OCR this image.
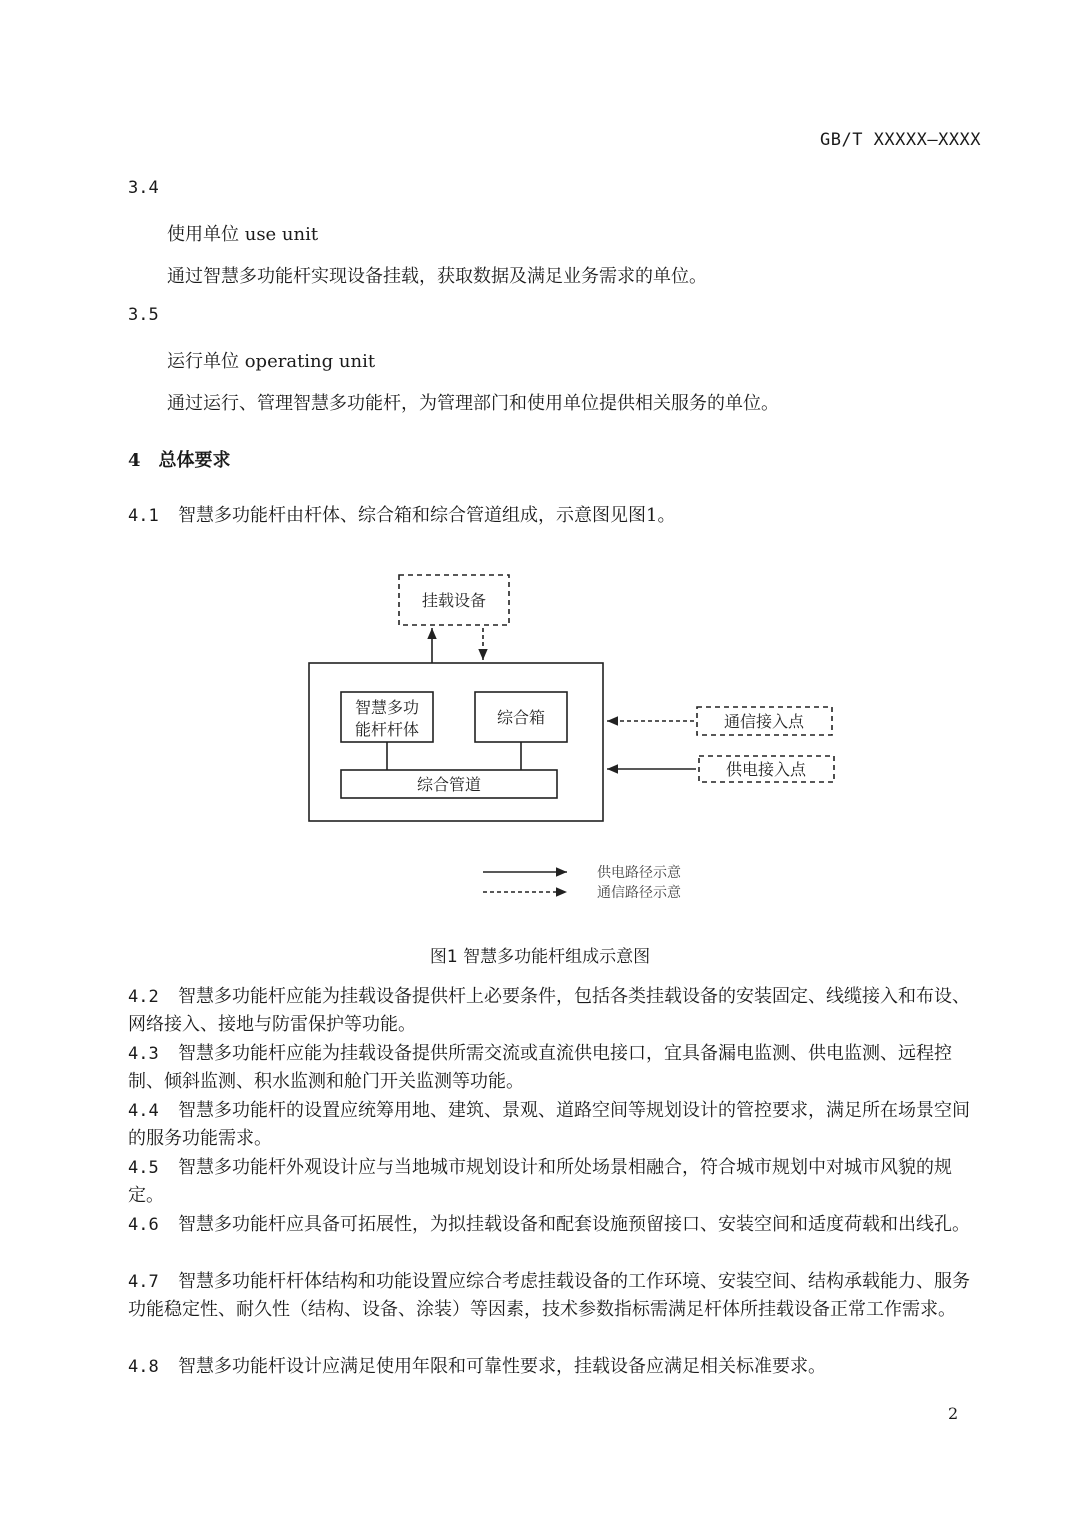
GB/T XXXXX—XXXX
3.4
使用单位 use unit
通过智慧多功能杆实现设备挂载，获取数据及满足业务需求的单位。
3.5
运行单位 operating unit
通过运行、管理智慧多功能杆，为管理部门和使用单位提供相关服务的单位。
4 总体要求
4.1 智慧多功能杆由杆体、综合箱和综合管道组成，示意图见图1。
挂载设备
智慧多功
能杆杆体
综合箱
综合管道
通信接入点
供电接入点
供电路径示意
通信路径示意
图1 智慧多功能杆组成示意图
4.2 智慧多功能杆应能为挂载设备提供杆上必要条件，包括各类挂载设备的安装固定、线缆接入和布设、网络接入、接地与防雷保护等功能。
4.3 智慧多功能杆应能为挂载设备提供所需交流或直流供电接口，宜具备漏电监测、供电监测、远程控制、倾斜监测、积水监测和舱门开关监测等功能。
4.4 智慧多功能杆的设置应统筹用地、建筑、景观、道路空间等规划设计的管控要求，满足所在场景空间的服务功能需求。
4.5 智慧多功能杆外观设计应与当地城市规划设计和所处场景相融合，符合城市规划中对城市风貌的规定。
4.6 智慧多功能杆应具备可拓展性，为拟挂载设备和配套设施预留接口、安装空间和适度荷载和出线孔。
4.7 智慧多功能杆杆体结构和功能设置应综合考虑挂载设备的工作环境、安装空间、结构承载能力、服务功能稳定性、耐久性（结构、设备、涂装）等因素，技术参数指标需满足杆体所挂载设备正常工作需求。
4.8 智慧多功能杆设计应满足使用年限和可靠性要求，挂载设备应满足相关标准要求。
2
